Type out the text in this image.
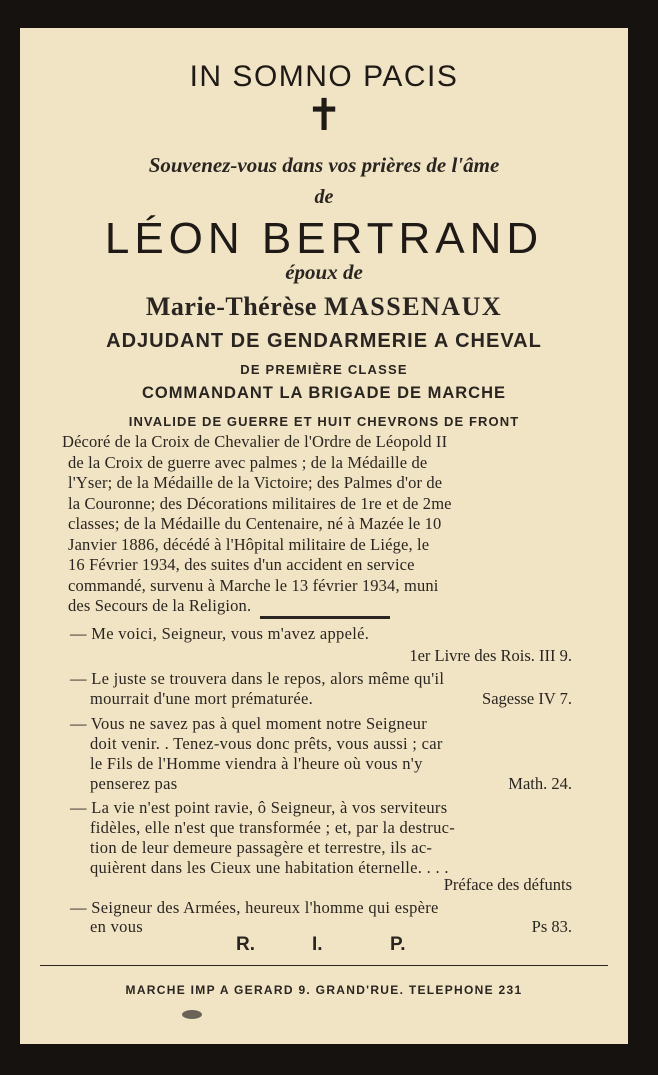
IN SOMNO PACIS
✝
Souvenez-vous dans vos prières de l'âme
de
LÉON BERTRAND
époux de
Marie-Thérèse MASSENAUX
ADJUDANT DE GENDARMERIE A CHEVAL
DE PREMIÈRE CLASSE
COMMANDANT LA BRIGADE DE MARCHE
INVALIDE DE GUERRE ET HUIT CHEVRONS DE FRONT
Décoré de la Croix de Chevalier de l'Ordre de Léopold II
de la Croix de guerre avec palmes ; de la Médaille de
l'Yser; de la Médaille de la Victoire; des Palmes d'or de
la Couronne; des Décorations militaires de 1re et de 2me
classes; de la Médaille du Centenaire, né à Mazée le 10
Janvier 1886, décédé à l'Hôpital militaire de Liége, le
16 Février 1934, des suites d'un accident en service
commandé, survenu à Marche le 13 février 1934, muni
des Secours de la Religion.
— Me voici, Seigneur, vous m'avez appelé.
1er Livre des Rois. III 9.
— Le juste se trouvera dans le repos, alors même qu'il
mourrait d'une mort prématurée.	Sagesse IV 7.
— Vous ne savez pas à quel moment notre Seigneur
doit venir. . Tenez-vous donc prêts, vous aussi ; car
le Fils de l'Homme viendra à l'heure où vous n'y
penserez pas	Math. 24.
— La vie n'est point ravie, ô Seigneur, à vos serviteurs
fidèles, elle n'est que transformée ; et, par la destruc-
tion de leur demeure passagère et terrestre, ils ac-
quièrent dans les Cieux une habitation éternelle. . . .
Préface des défunts
— Seigneur des Armées, heureux l'homme qui espère
en vous	Ps 83.
R.	I.	P.
MARCHE IMP A GERARD 9. GRAND'RUE. TELEPHONE 231
